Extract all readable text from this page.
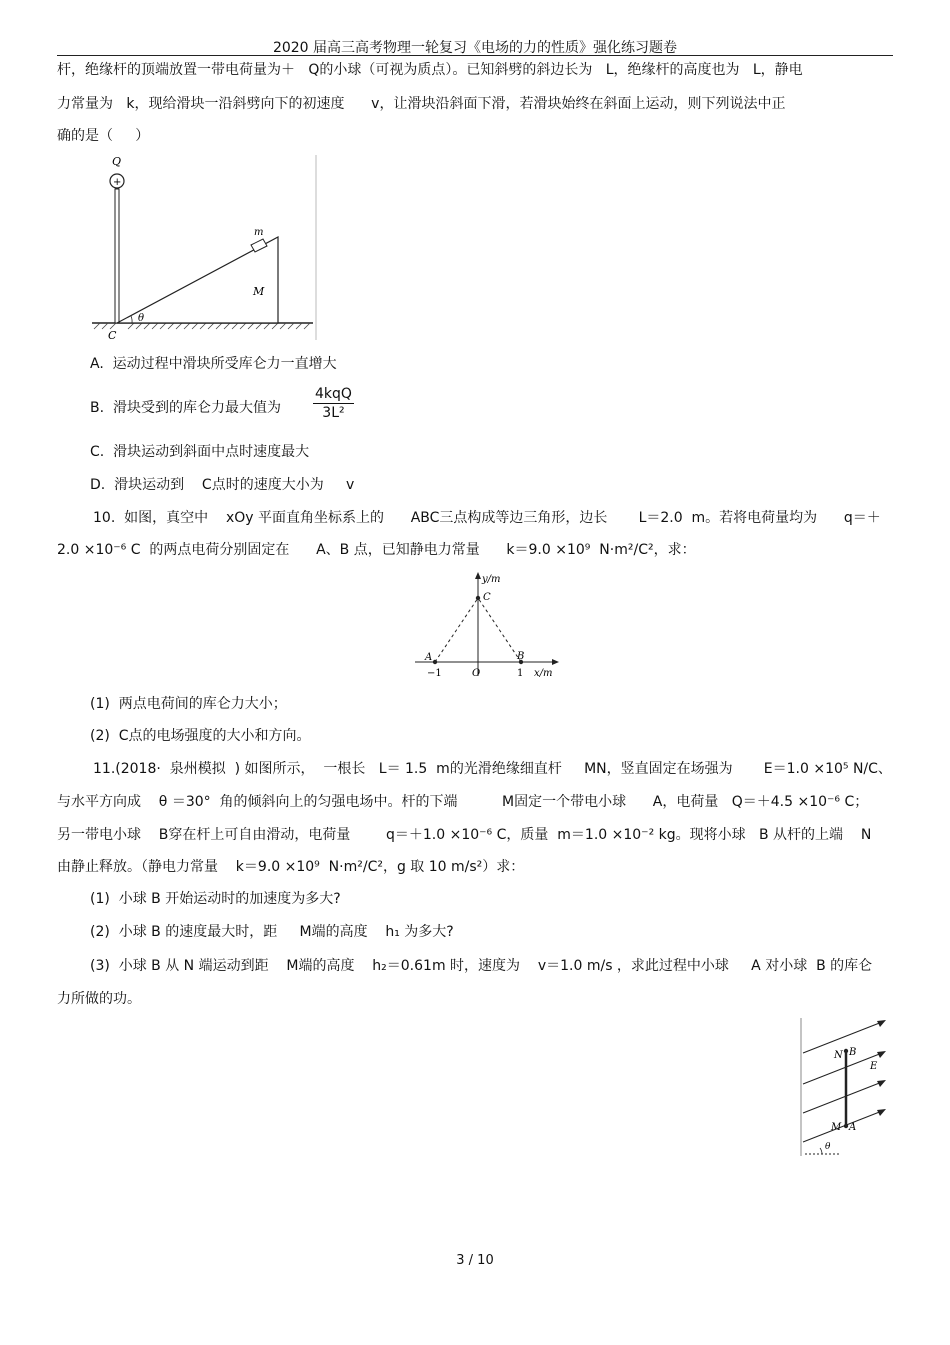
2020 届高三高考物理一轮复习《电场的力的性质》强化练习题卷
杆，绝缘杆的顶端放置一带电荷量为＋   Q的小球（可视为质点）。已知斜劈的斜边长为   L，绝缘杆的高度也为   L，静电
力常量为   k，现给滑块一沿斜劈向下的初速度      v，让滑块沿斜面下滑，若滑块始终在斜面上运动，则下列说法中正
确的是（     ）
+
Q
m
M
C
θ
A.  运动过程中滑块所受库仑力一直增大
B.  滑块受到的库仑力最大值为
4kqQ
3L²
C.  滑块运动到斜面中点时速度最大
D.  滑块运动到    C点时的速度大小为     v
10.  如图，真空中    xOy 平面直角坐标系上的      ABC三点构成等边三角形，边长       L＝2.0  m。若将电荷量均为      q＝＋
2.0 ×10⁻⁶ C  的两点电荷分别固定在      A、B 点，已知静电力常量      k＝9.0 ×10⁹  N·m²/C²，求：
y/m
x/m
C
A	B
O
−1	1
(1)  两点电荷间的库仑力大小；
(2)  C点的电场强度的大小和方向。
11.(2018·  泉州模拟  ) 如图所示，  一根长   L＝ 1.5  m的光滑绝缘细直杆     MN，竖直固定在场强为       E＝1.0 ×10⁵ N/C、
与水平方向成    θ ＝30°  角的倾斜向上的匀强电场中。杆的下端          M固定一个带电小球      A，电荷量   Q＝＋4.5 ×10⁻⁶ C；
另一带电小球    B穿在杆上可自由滑动，电荷量        q＝＋1.0 ×10⁻⁶ C，质量  m＝1.0 ×10⁻² kg。现将小球   B 从杆的上端    N
由静止释放。（静电力常量    k＝9.0 ×10⁹  N·m²/C²，g 取 10 m/s²）求：
(1)  小球 B 开始运动时的加速度为多大?
(2)  小球 B 的速度最大时，距     M端的高度    h₁ 为多大?
(3)  小球 B 从 N 端运动到距    M端的高度    h₂＝0.61m 时，速度为    v＝1.0 m/s ，求此过程中小球     A 对小球  B 的库仑
力所做的功。
N B
E
M A
θ
3 / 10
